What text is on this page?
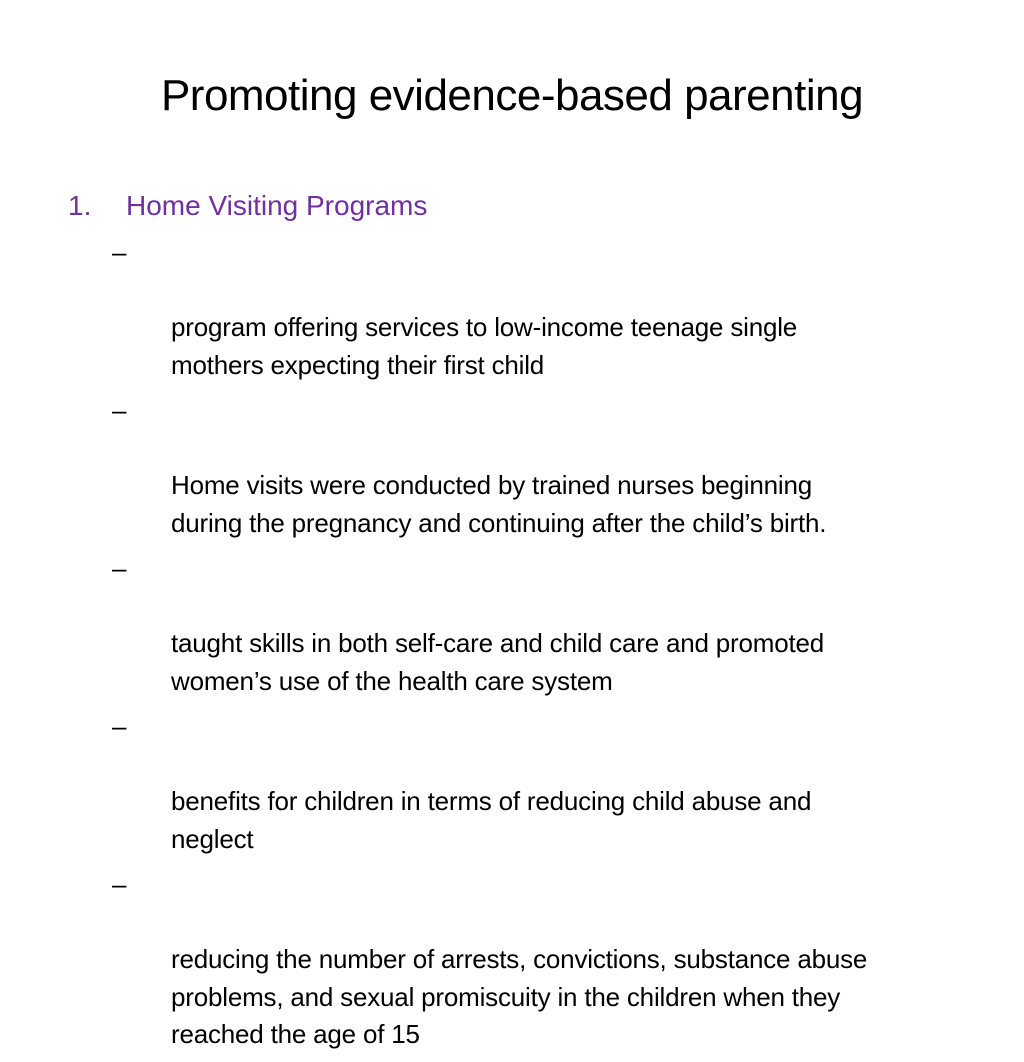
Promoting evidence-based parenting
1. Home Visiting Programs

–

program offering services to low-income teenage single
mothers expecting their first child

–

Home visits were conducted by trained nurses beginning
during the pregnancy and continuing after the child’s birth.

–

taught skills in both self-care and child care and promoted
women’s use of the health care system

–

benefits for children in terms of reducing child abuse and
neglect

–

reducing the number of arrests, convictions, substance abuse
problems, and sexual promiscuity in the children when they
reached the age of 15
